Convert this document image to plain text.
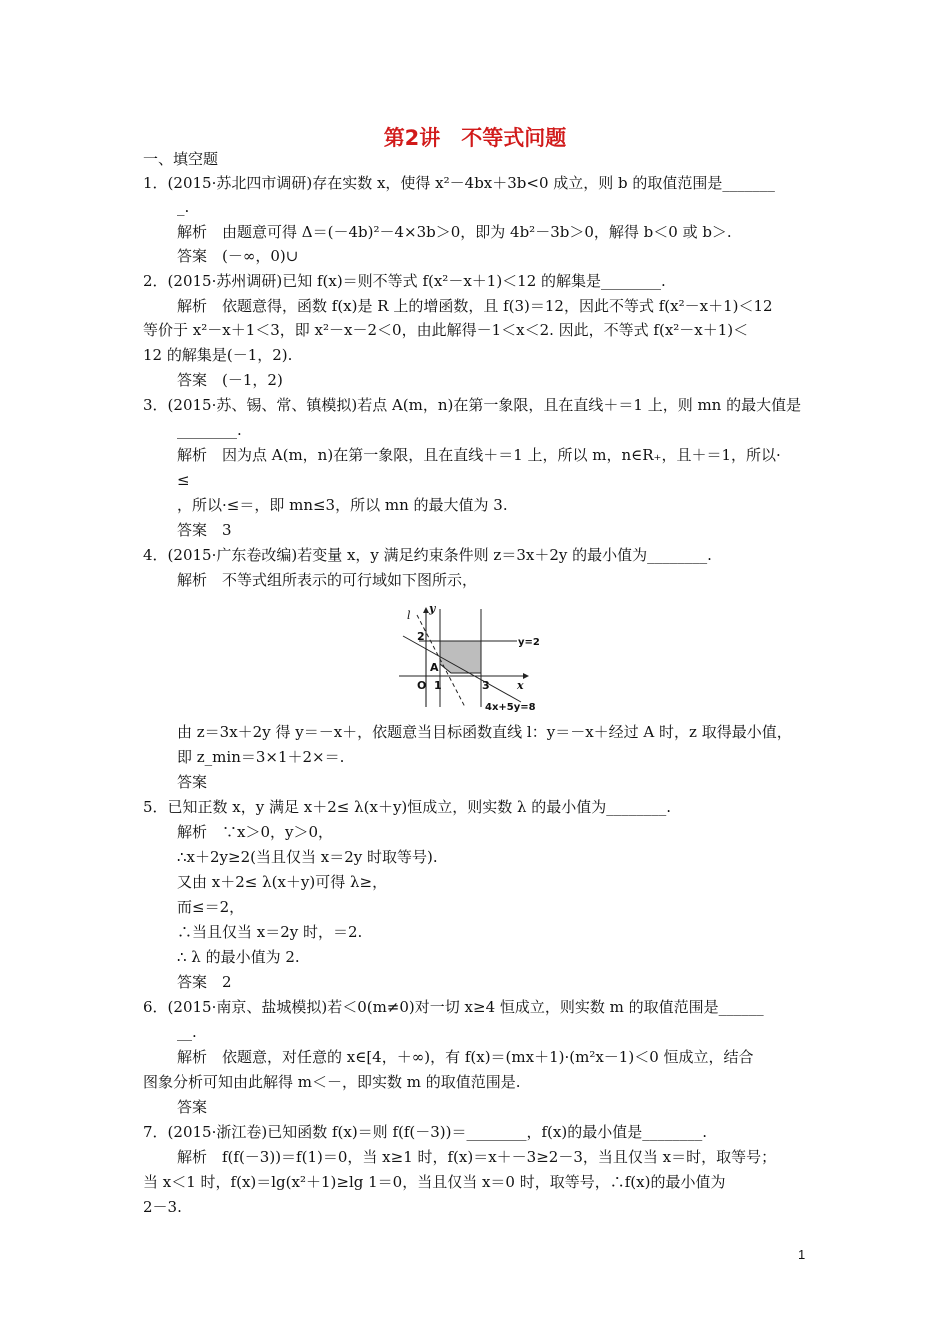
第2讲　不等式问题
一、填空题
1．(2015·苏北四市调研)存在实数 x，使得 x²－4bx＋3b<0 成立，则 b 的取值范围是_______
_.
解析　由题意可得 Δ＝(－4b)²－4×3b＞0，即为 4b²－3b＞0，解得 b＜0 或 b＞.
答案　(－∞，0)∪
2．(2015·苏州调研)已知 f(x)＝则不等式 f(x²－x＋1)＜12 的解集是________.
解析　依题意得，函数 f(x)是 R 上的增函数，且 f(3)＝12，因此不等式 f(x²－x＋1)＜12
等价于 x²－x＋1＜3，即 x²－x－2＜0，由此解得－1＜x＜2. 因此，不等式 f(x²－x＋1)＜
12 的解集是(－1，2).
答案　(－1，2)
3．(2015·苏、锡、常、镇模拟)若点 A(m，n)在第一象限，且在直线＋＝1 上，则 mn 的最大值是
________.
解析　因为点 A(m，n)在第一象限，且在直线＋＝1 上，所以 m，n∈R₊，且＋＝1，所以·
≤
，所以·≤＝，即 mn≤3，所以 mn 的最大值为 3.
答案　3
4．(2015·广东卷改编)若变量 x，y 满足约束条件则 z＝3x＋2y 的最小值为________.
解析　不等式组所表示的可行域如下图所示，
l
y
2
A
O 1	3 x
y=2
4x+5y=8
由 z＝3x＋2y 得 y＝－x＋，依题意当目标函数直线 l：y＝－x＋经过 A 时，z 取得最小值，
即 z_min＝3×1＋2×＝.
答案
5．已知正数 x，y 满足 x＋2≤ λ(x＋y)恒成立，则实数 λ 的最小值为________.
解析　∵x＞0，y＞0，
∴x＋2y≥2(当且仅当 x＝2y 时取等号).
又由 x＋2≤ λ(x＋y)可得 λ≥，
而≤＝2，
∴当且仅当 x＝2y 时，＝2.
∴ λ 的最小值为 2.
答案　2
6．(2015·南京、盐城模拟)若＜0(m≠0)对一切 x≥4 恒成立，则实数 m 的取值范围是______
__.
解析　依题意，对任意的 x∈[4，＋∞)，有 f(x)＝(mx＋1)·(m²x－1)＜0 恒成立，结合
图象分析可知由此解得 m＜－，即实数 m 的取值范围是.
答案
7．(2015·浙江卷)已知函数 f(x)＝则 f(f(－3))＝________，f(x)的最小值是________.
解析　f(f(－3))＝f(1)＝0，当 x≥1 时，f(x)＝x＋－3≥2－3，当且仅当 x＝时，取等号；
当 x＜1 时，f(x)＝lg(x²＋1)≥lg 1＝0，当且仅当 x＝0 时，取等号，∴f(x)的最小值为
2－3.
1
